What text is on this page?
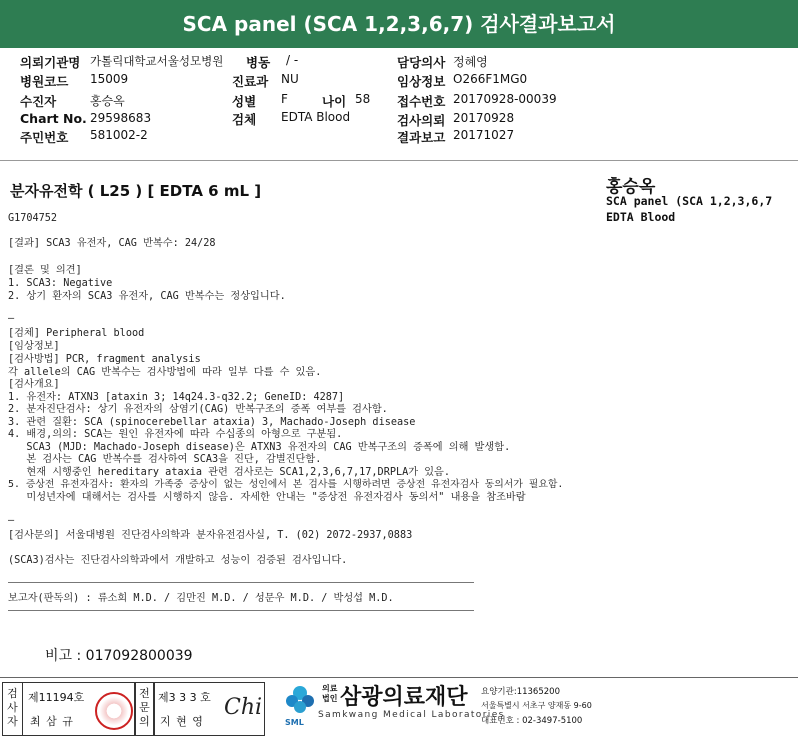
SCA panel (SCA 1,2,3,6,7) 검사결과보고서
의뢰기관명 가톨릭대학교서울성모병원 병동 / -	담당의사 정혜영
병원코드 15009	진료과 NU	임상정보 O266F1MG0
수진자	홍승옥	성별 F	나이 58 접수번호 20170928-00039
Chart No. 29598683	검체 EDTA Blood	검사의뢰 20170928
주민번호 581002-2	결과보고 20171027
분자유전학 ( L25 ) [ EDTA 6 mL ]	홍승옥
SCA panel (SCA 1,2,3,6,7
EDTA Blood
G1704752
[결과] SCA3 유전자, CAG 반복수: 24/28
[결론 및 의견]
1. SCA3: Negative
2. 상기 환자의 SCA3 유전자, CAG 반복수는 정상입니다.
—
[검체] Peripheral blood
[임상정보]
[검사방법] PCR, fragment analysis
각 allele의 CAG 반복수는 검사방법에 따라 일부 다를 수 있음.
[검사개요]
1. 유전자: ATXN3 [ataxin 3; 14q24.3-q32.2; GeneID: 4287]
2. 분자진단검사: 상기 유전자의 삼염기(CAG) 반복구조의 증폭 여부를 검사함.
3. 관련 질환: SCA (spinocerebellar ataxia) 3, Machado-Joseph disease
4. 배경,의의: SCA는 원인 유전자에 따라 수십종의 아형으로 구분됨.
SCA3 (MJD: Machado-Joseph disease)은 ATXN3 유전자의 CAG 반복구조의 증폭에 의해 발생함.
본 검사는 CAG 반복수를 검사하여 SCA3을 진단, 감별진단함.
현재 시행중인 hereditary ataxia 관련 검사로는 SCA1,2,3,6,7,17,DRPLA가 있음.
5. 증상전 유전자검사: 환자의 가족중 증상이 없는 성인에서 본 검사를 시행하려면 증상전 유전자검사 동의서가 필요함.
미성년자에 대해서는 검사를 시행하지 않음. 자세한 안내는 "증상전 유전자검사 동의서" 내용을 참조바람
—
[검사문의] 서울대병원 진단검사의학과 분자유전검사실, T. (02) 2072-2937,0883
(SCA3)검사는 진단검사의학과에서 개발하고 성능이 검증된 검사입니다.
보고자(판독의) : 류소희 M.D. / 김만진 M.D. / 성문우 M.D. / 박성섭 M.D.
비고 : 017092800039
검사
자
제11194호
최 삼 규
전문
의
제3 3 3 호
지 현 영
Chi
SML
의료
법인 삼광의료재단
Samkwang Medical Laboratories
요양기관:11365200
서울특별시 서초구 양재동 9-60
대표번호 : 02-3497-5100
